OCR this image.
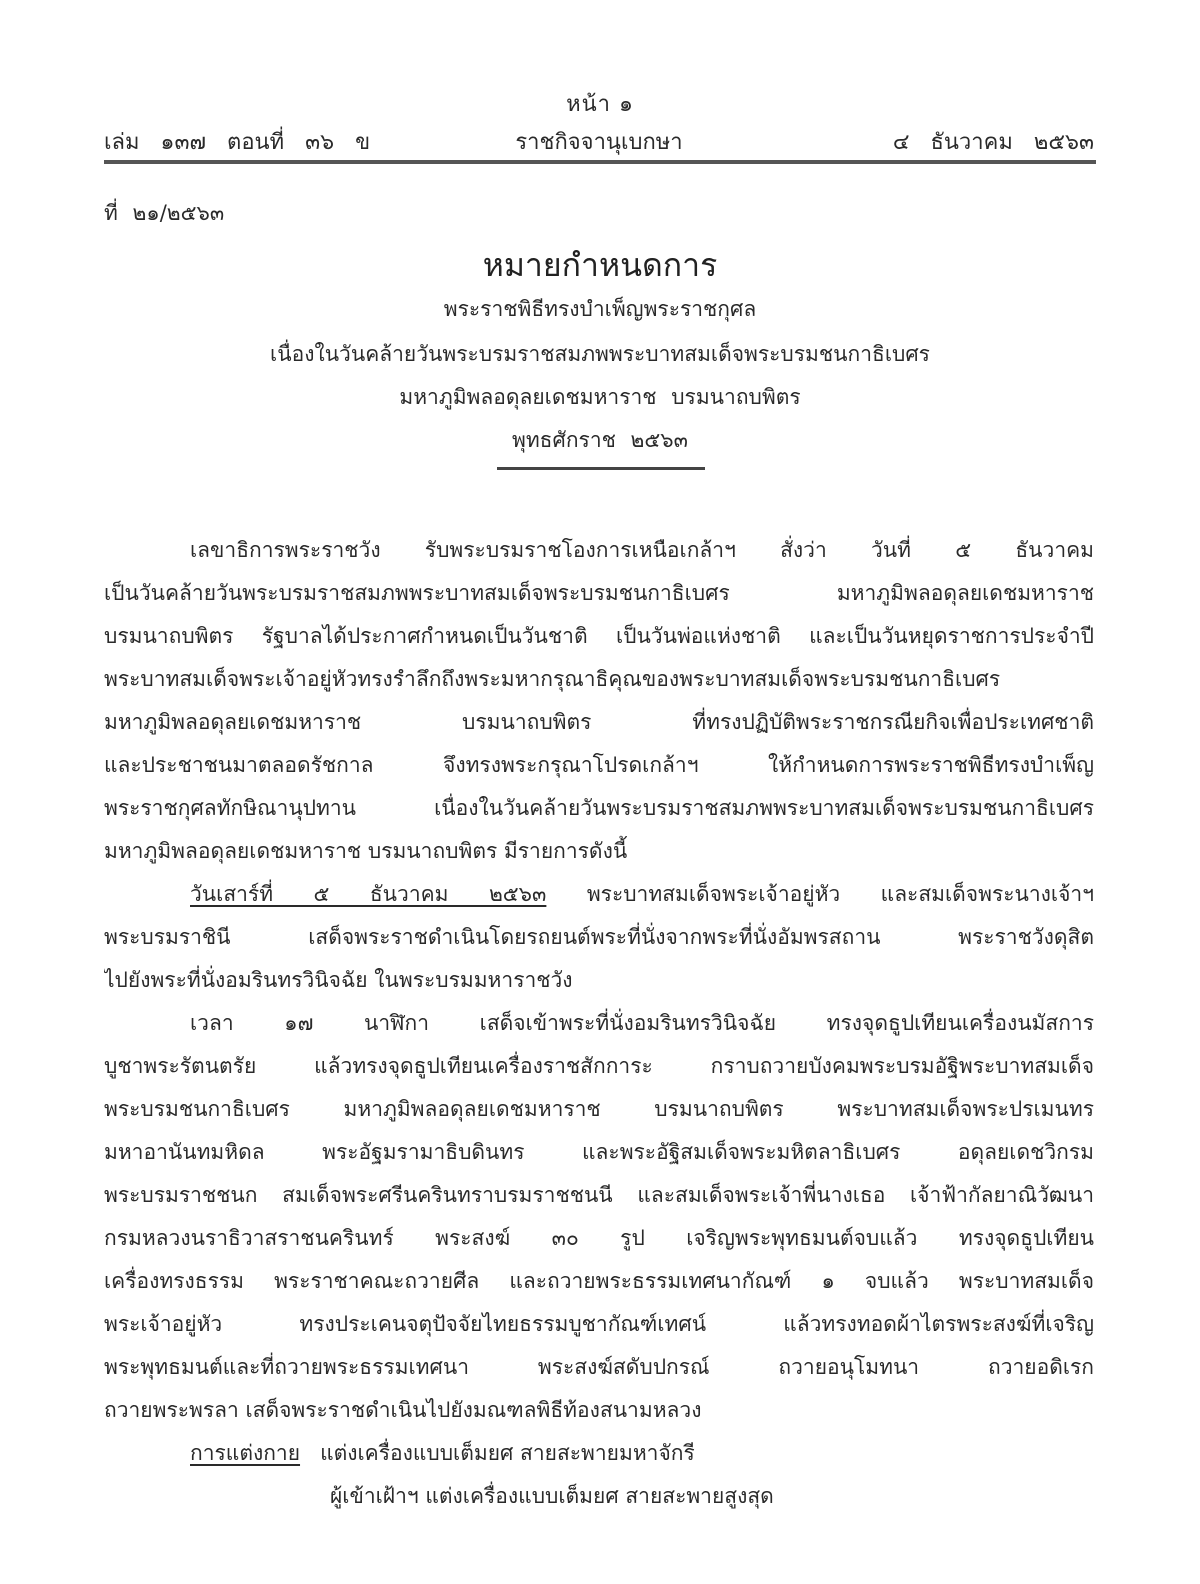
หน้า ๑
เล่ม ๑๓๗ ตอนที่ ๓๖ ข	ราชกิจจานุเบกษา	๔ ธันวาคม ๒๕๖๓
ที่ ๒๑/๒๕๖๓
หมายกำหนดการ
พระราชพิธีทรงบำเพ็ญพระราชกุศล
เนื่องในวันคล้ายวันพระบรมราชสมภพพระบาทสมเด็จพระบรมชนกาธิเบศร
มหาภูมิพลอดุลยเดชมหาราช บรมนาถบพิตร
พุทธศักราช ๒๕๖๓
เลขาธิการพระราชวัง รับพระบรมราชโองการเหนือเกล้าฯ สั่งว่า วันที่ ๕ ธันวาคม
เป็นวันคล้ายวันพระบรมราชสมภพพระบาทสมเด็จพระบรมชนกาธิเบศร มหาภูมิพลอดุลยเดชมหาราช
บรมนาถบพิตร รัฐบาลได้ประกาศกำหนดเป็นวันชาติ เป็นวันพ่อแห่งชาติ และเป็นวันหยุดราชการประจำปี
พระบาทสมเด็จพระเจ้าอยู่หัวทรงรำลึกถึงพระมหากรุณาธิคุณของพระบาทสมเด็จพระบรมชนกาธิเบศร
มหาภูมิพลอดุลยเดชมหาราช บรมนาถบพิตร ที่ทรงปฏิบัติพระราชกรณียกิจเพื่อประเทศชาติ
และประชาชนมาตลอดรัชกาล จึงทรงพระกรุณาโปรดเกล้าฯ ให้กำหนดการพระราชพิธีทรงบำเพ็ญ
พระราชกุศลทักษิณานุปทาน เนื่องในวันคล้ายวันพระบรมราชสมภพพระบาทสมเด็จพระบรมชนกาธิเบศร
มหาภูมิพลอดุลยเดชมหาราช บรมนาถบพิตร มีรายการดังนี้
วันเสาร์ที่ ๕ ธันวาคม ๒๕๖๓ พระบาทสมเด็จพระเจ้าอยู่หัว และสมเด็จพระนางเจ้าฯ
พระบรมราชินี เสด็จพระราชดำเนินโดยรถยนต์พระที่นั่งจากพระที่นั่งอัมพรสถาน พระราชวังดุสิต
ไปยังพระที่นั่งอมรินทรวินิจฉัย ในพระบรมมหาราชวัง
เวลา ๑๗ นาฬิกา เสด็จเข้าพระที่นั่งอมรินทรวินิจฉัย ทรงจุดธูปเทียนเครื่องนมัสการ
บูชาพระรัตนตรัย แล้วทรงจุดธูปเทียนเครื่องราชสักการะ กราบถวายบังคมพระบรมอัฐิพระบาทสมเด็จ
พระบรมชนกาธิเบศร มหาภูมิพลอดุลยเดชมหาราช บรมนาถบพิตร พระบาทสมเด็จพระปรเมนทร
มหาอานันทมหิดล พระอัฐมรามาธิบดินทร และพระอัฐิสมเด็จพระมหิตลาธิเบศร อดุลยเดชวิกรม
พระบรมราชชนก สมเด็จพระศรีนครินทราบรมราชชนนี และสมเด็จพระเจ้าพี่นางเธอ เจ้าฟ้ากัลยาณิวัฒนา
กรมหลวงนราธิวาสราชนครินทร์ พระสงฆ์ ๓๐ รูป เจริญพระพุทธมนต์จบแล้ว ทรงจุดธูปเทียน
เครื่องทรงธรรม พระราชาคณะถวายศีล และถวายพระธรรมเทศนากัณฑ์ ๑ จบแล้ว พระบาทสมเด็จ
พระเจ้าอยู่หัว ทรงประเคนจตุปัจจัยไทยธรรมบูชากัณฑ์เทศน์ แล้วทรงทอดผ้าไตรพระสงฆ์ที่เจริญ
พระพุทธมนต์และที่ถวายพระธรรมเทศนา พระสงฆ์สดับปกรณ์ ถวายอนุโมทนา ถวายอดิเรก
ถวายพระพรลา เสด็จพระราชดำเนินไปยังมณฑลพิธีท้องสนามหลวง
การแต่งกาย แต่งเครื่องแบบเต็มยศ สายสะพายมหาจักรี
ผู้เข้าเฝ้าฯ แต่งเครื่องแบบเต็มยศ สายสะพายสูงสุด
